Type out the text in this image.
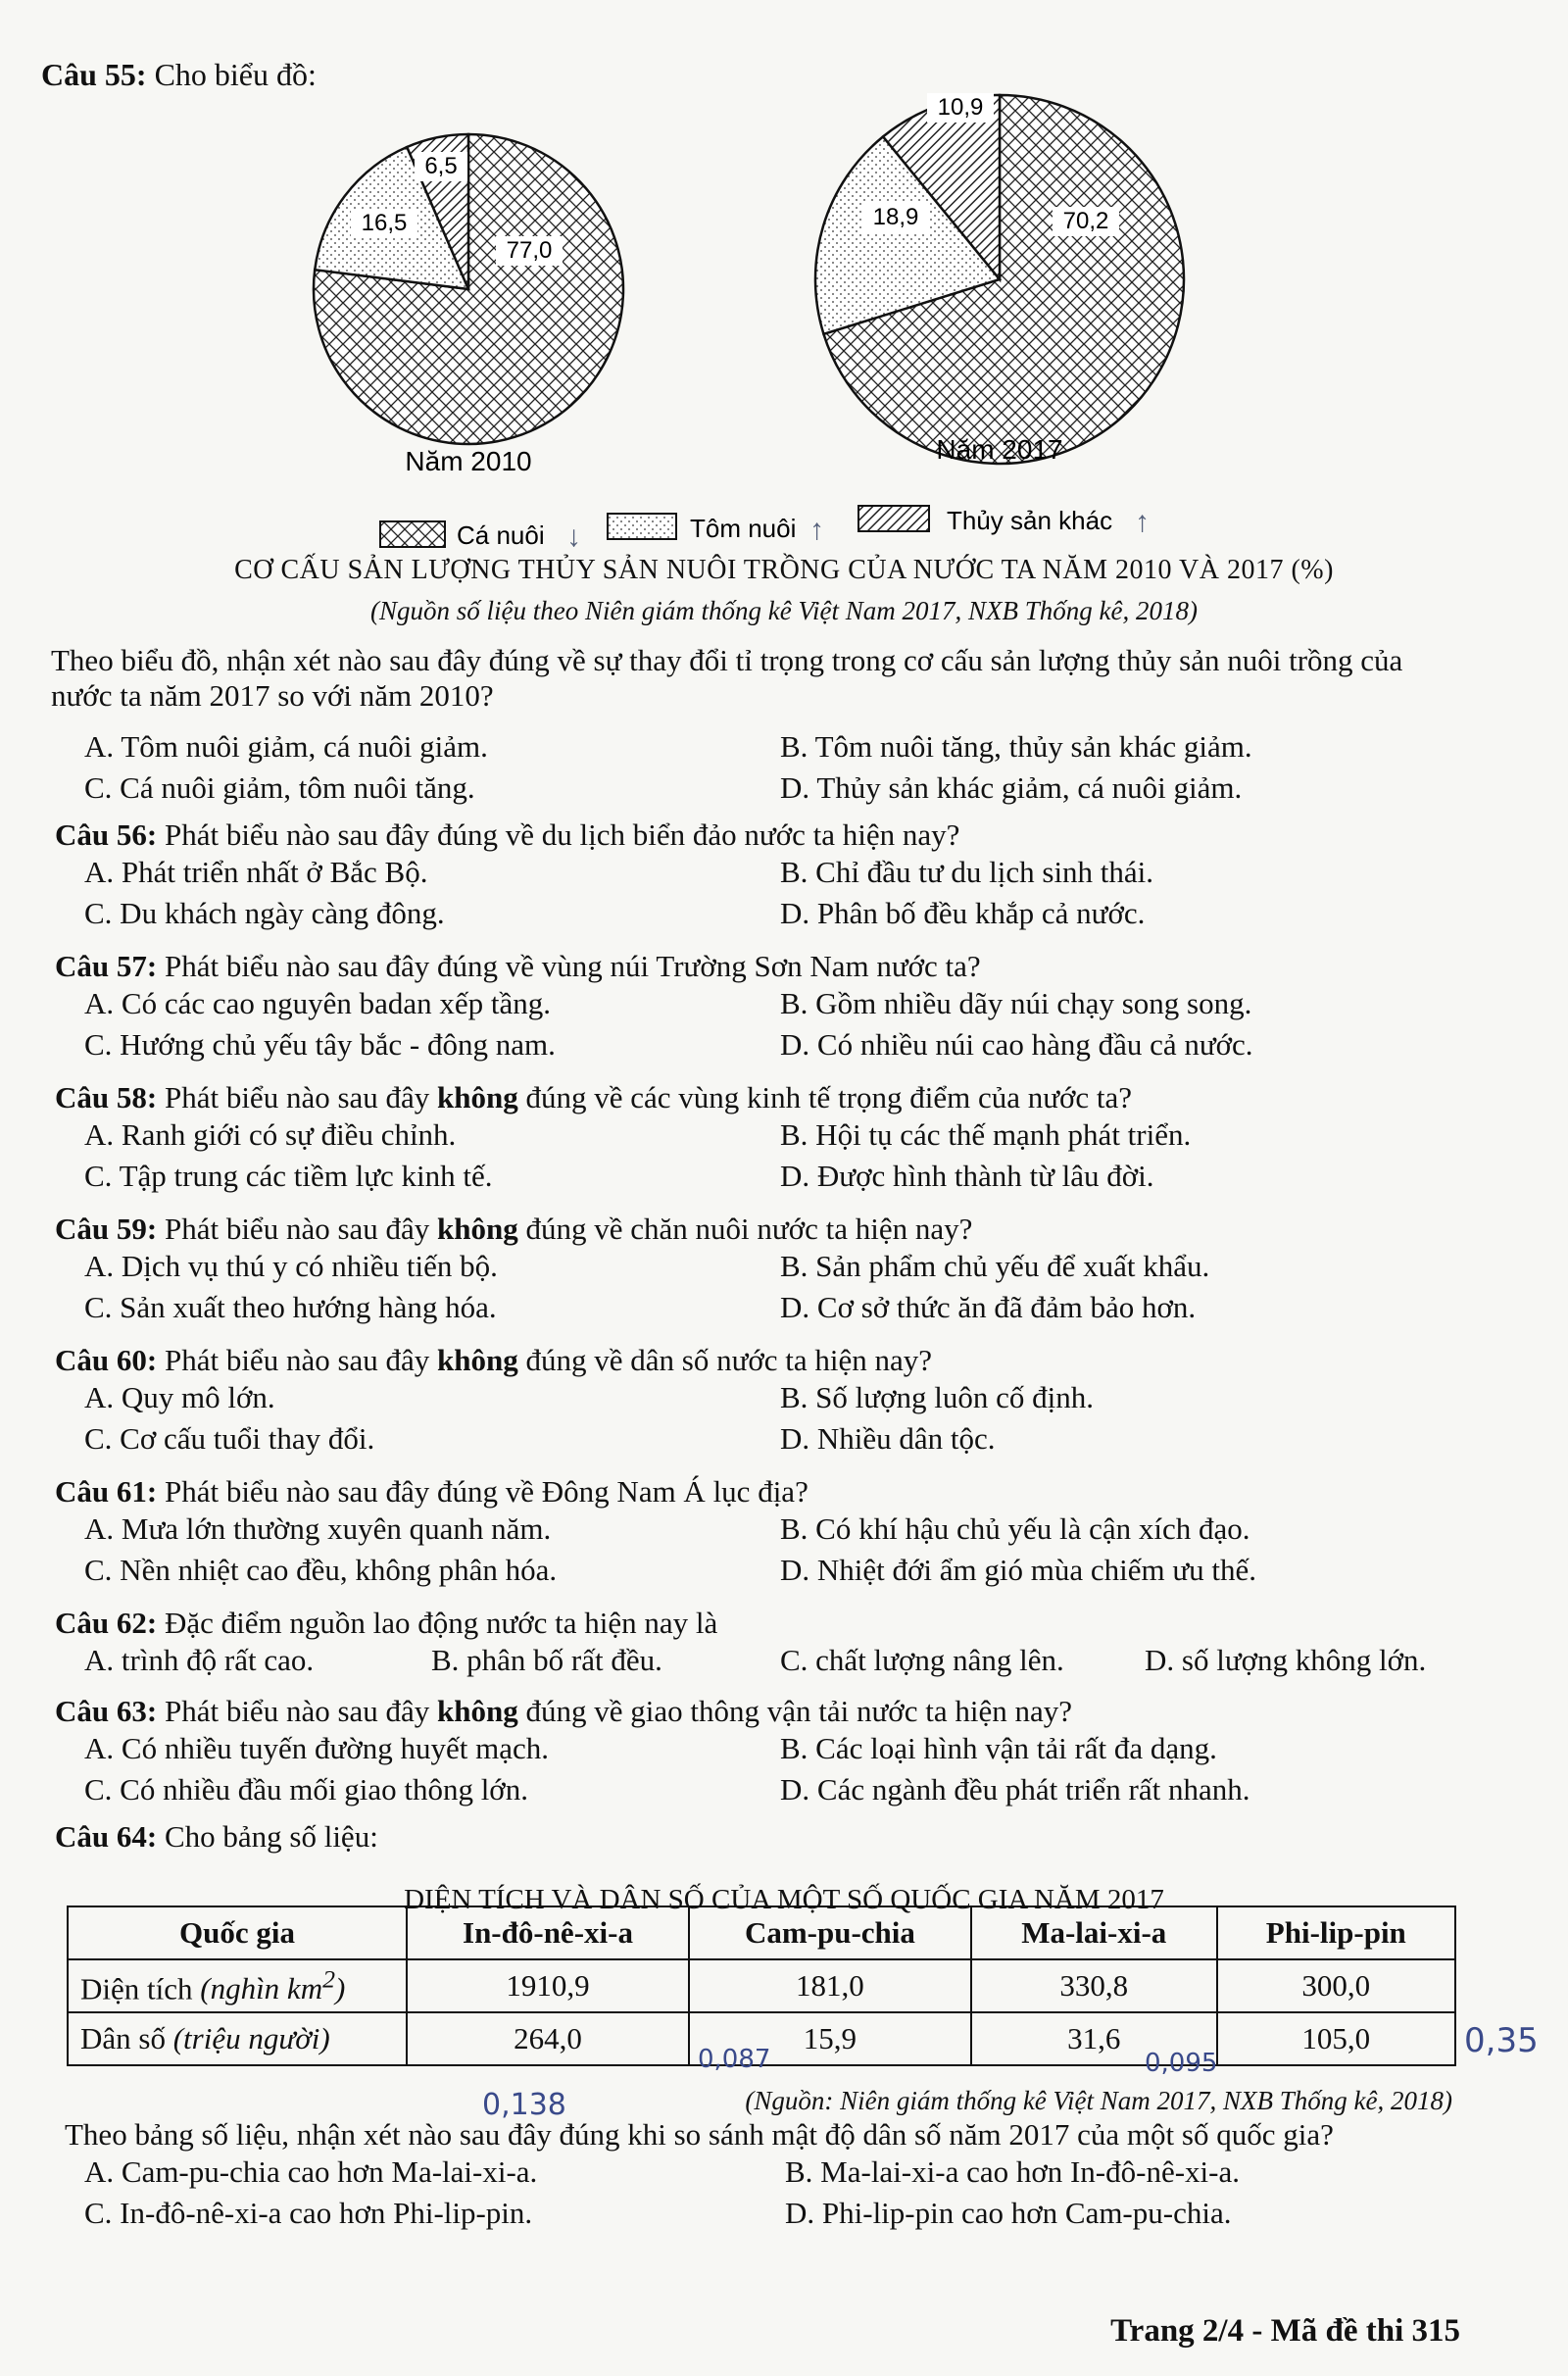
Câu 55: Cho biểu đồ:
77,0
16,5
6,5
70,2
18,9
10,9
Năm 2010	Năm 2017
Cá nuôi ↓	Tôm nuôi ↑	Thủy sản khác ↑
CƠ CẤU SẢN LƯỢNG THỦY SẢN NUÔI TRỒNG CỦA NƯỚC TA NĂM 2010 VÀ 2017 (%)
(Nguồn số liệu theo Niên giám thống kê Việt Nam 2017, NXB Thống kê, 2018)
Theo biểu đồ, nhận xét nào sau đây đúng về sự thay đổi tỉ trọng trong cơ cấu sản lượng thủy sản nuôi trồng của nước ta năm 2017 so với năm 2010?
A. Tôm nuôi giảm, cá nuôi giảm.	B. Tôm nuôi tăng, thủy sản khác giảm.
C. Cá nuôi giảm, tôm nuôi tăng.	D. Thủy sản khác giảm, cá nuôi giảm.
Câu 56: Phát biểu nào sau đây đúng về du lịch biển đảo nước ta hiện nay?
A. Phát triển nhất ở Bắc Bộ.	B. Chỉ đầu tư du lịch sinh thái.
C. Du khách ngày càng đông.	D. Phân bố đều khắp cả nước.
Câu 57: Phát biểu nào sau đây đúng về vùng núi Trường Sơn Nam nước ta?
A. Có các cao nguyên badan xếp tầng.	B. Gồm nhiều dãy núi chạy song song.
C. Hướng chủ yếu tây bắc - đông nam.	D. Có nhiều núi cao hàng đầu cả nước.
Câu 58: Phát biểu nào sau đây không đúng về các vùng kinh tế trọng điểm của nước ta?
A. Ranh giới có sự điều chỉnh.	B. Hội tụ các thế mạnh phát triển.
C. Tập trung các tiềm lực kinh tế.	D. Được hình thành từ lâu đời.
Câu 59: Phát biểu nào sau đây không đúng về chăn nuôi nước ta hiện nay?
A. Dịch vụ thú y có nhiều tiến bộ.	B. Sản phẩm chủ yếu để xuất khẩu.
C. Sản xuất theo hướng hàng hóa.	D. Cơ sở thức ăn đã đảm bảo hơn.
Câu 60: Phát biểu nào sau đây không đúng về dân số nước ta hiện nay?
A. Quy mô lớn.	B. Số lượng luôn cố định.
C. Cơ cấu tuổi thay đổi.	D. Nhiều dân tộc.
Câu 61: Phát biểu nào sau đây đúng về Đông Nam Á lục địa?
A. Mưa lớn thường xuyên quanh năm.	B. Có khí hậu chủ yếu là cận xích đạo.
C. Nền nhiệt cao đều, không phân hóa.	D. Nhiệt đới ẩm gió mùa chiếm ưu thế.
Câu 62: Đặc điểm nguồn lao động nước ta hiện nay là
A. trình độ rất cao.	B. phân bố rất đều.	C. chất lượng nâng lên.	D. số lượng không lớn.
Câu 63: Phát biểu nào sau đây không đúng về giao thông vận tải nước ta hiện nay?
A. Có nhiều tuyến đường huyết mạch.	B. Các loại hình vận tải rất đa dạng.
C. Có nhiều đầu mối giao thông lớn.	D. Các ngành đều phát triển rất nhanh.
Câu 64: Cho bảng số liệu:
DIỆN TÍCH VÀ DÂN SỐ CỦA MỘT SỐ QUỐC GIA NĂM 2017
Quốc gia	In-đô-nê-xi-a	Cam-pu-chia	Ma-lai-xi-a	Phi-lip-pin
Diện tích (nghìn $km^2$)	1910,9	181,0	330,8	300,0
Dân số (triệu người)	264,0	15,9	31,6	105,0
0,138
0,087	0,095
0,35
(Nguồn: Niên giám thống kê Việt Nam 2017, NXB Thống kê, 2018)
Theo bảng số liệu, nhận xét nào sau đây đúng khi so sánh mật độ dân số năm 2017 của một số quốc gia?
A. Cam-pu-chia cao hơn Ma-lai-xi-a.	B. Ma-lai-xi-a cao hơn In-đô-nê-xi-a.
C. In-đô-nê-xi-a cao hơn Phi-lip-pin.	D. Phi-lip-pin cao hơn Cam-pu-chia.
Trang 2/4 - Mã đề thi 315
